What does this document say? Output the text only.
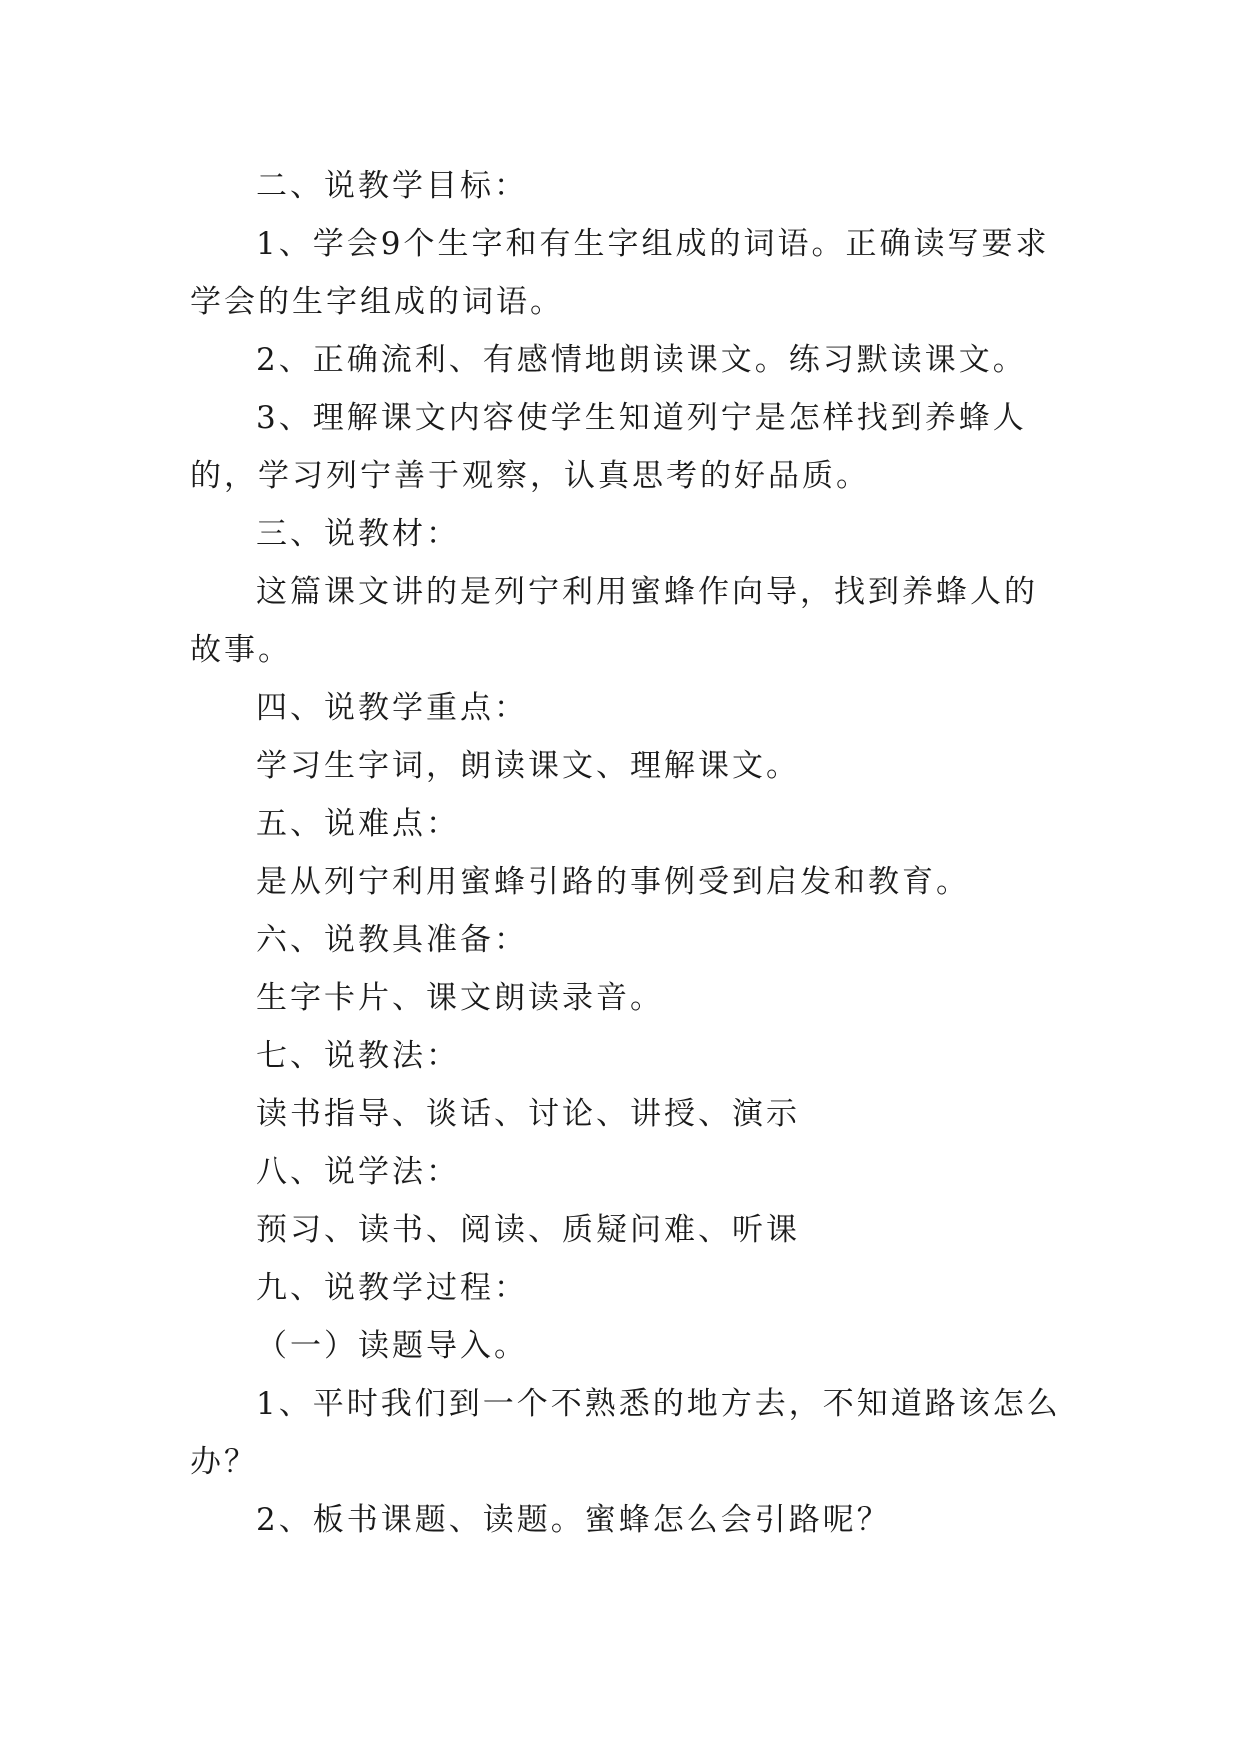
二、说教学目标：

1、学会9个生字和有生字组成的词语。正确读写要求学会的生字组成的词语。

2、正确流利、有感情地朗读课文。练习默读课文。

3、理解课文内容使学生知道列宁是怎样找到养蜂人的，学习列宁善于观察，认真思考的好品质。

三、说教材：

这篇课文讲的是列宁利用蜜蜂作向导，找到养蜂人的故事。

四、说教学重点：

学习生字词，朗读课文、理解课文。

五、说难点：

是从列宁利用蜜蜂引路的事例受到启发和教育。

六、说教具准备：

生字卡片、课文朗读录音。

七、说教法：

读书指导、谈话、讨论、讲授、演示

八、说学法：

预习、读书、阅读、质疑问难、听课

九、说教学过程：

（一）读题导入。

1、平时我们到一个不熟悉的地方去，不知道路该怎么办？

2、板书课题、读题。蜜蜂怎么会引路呢？
